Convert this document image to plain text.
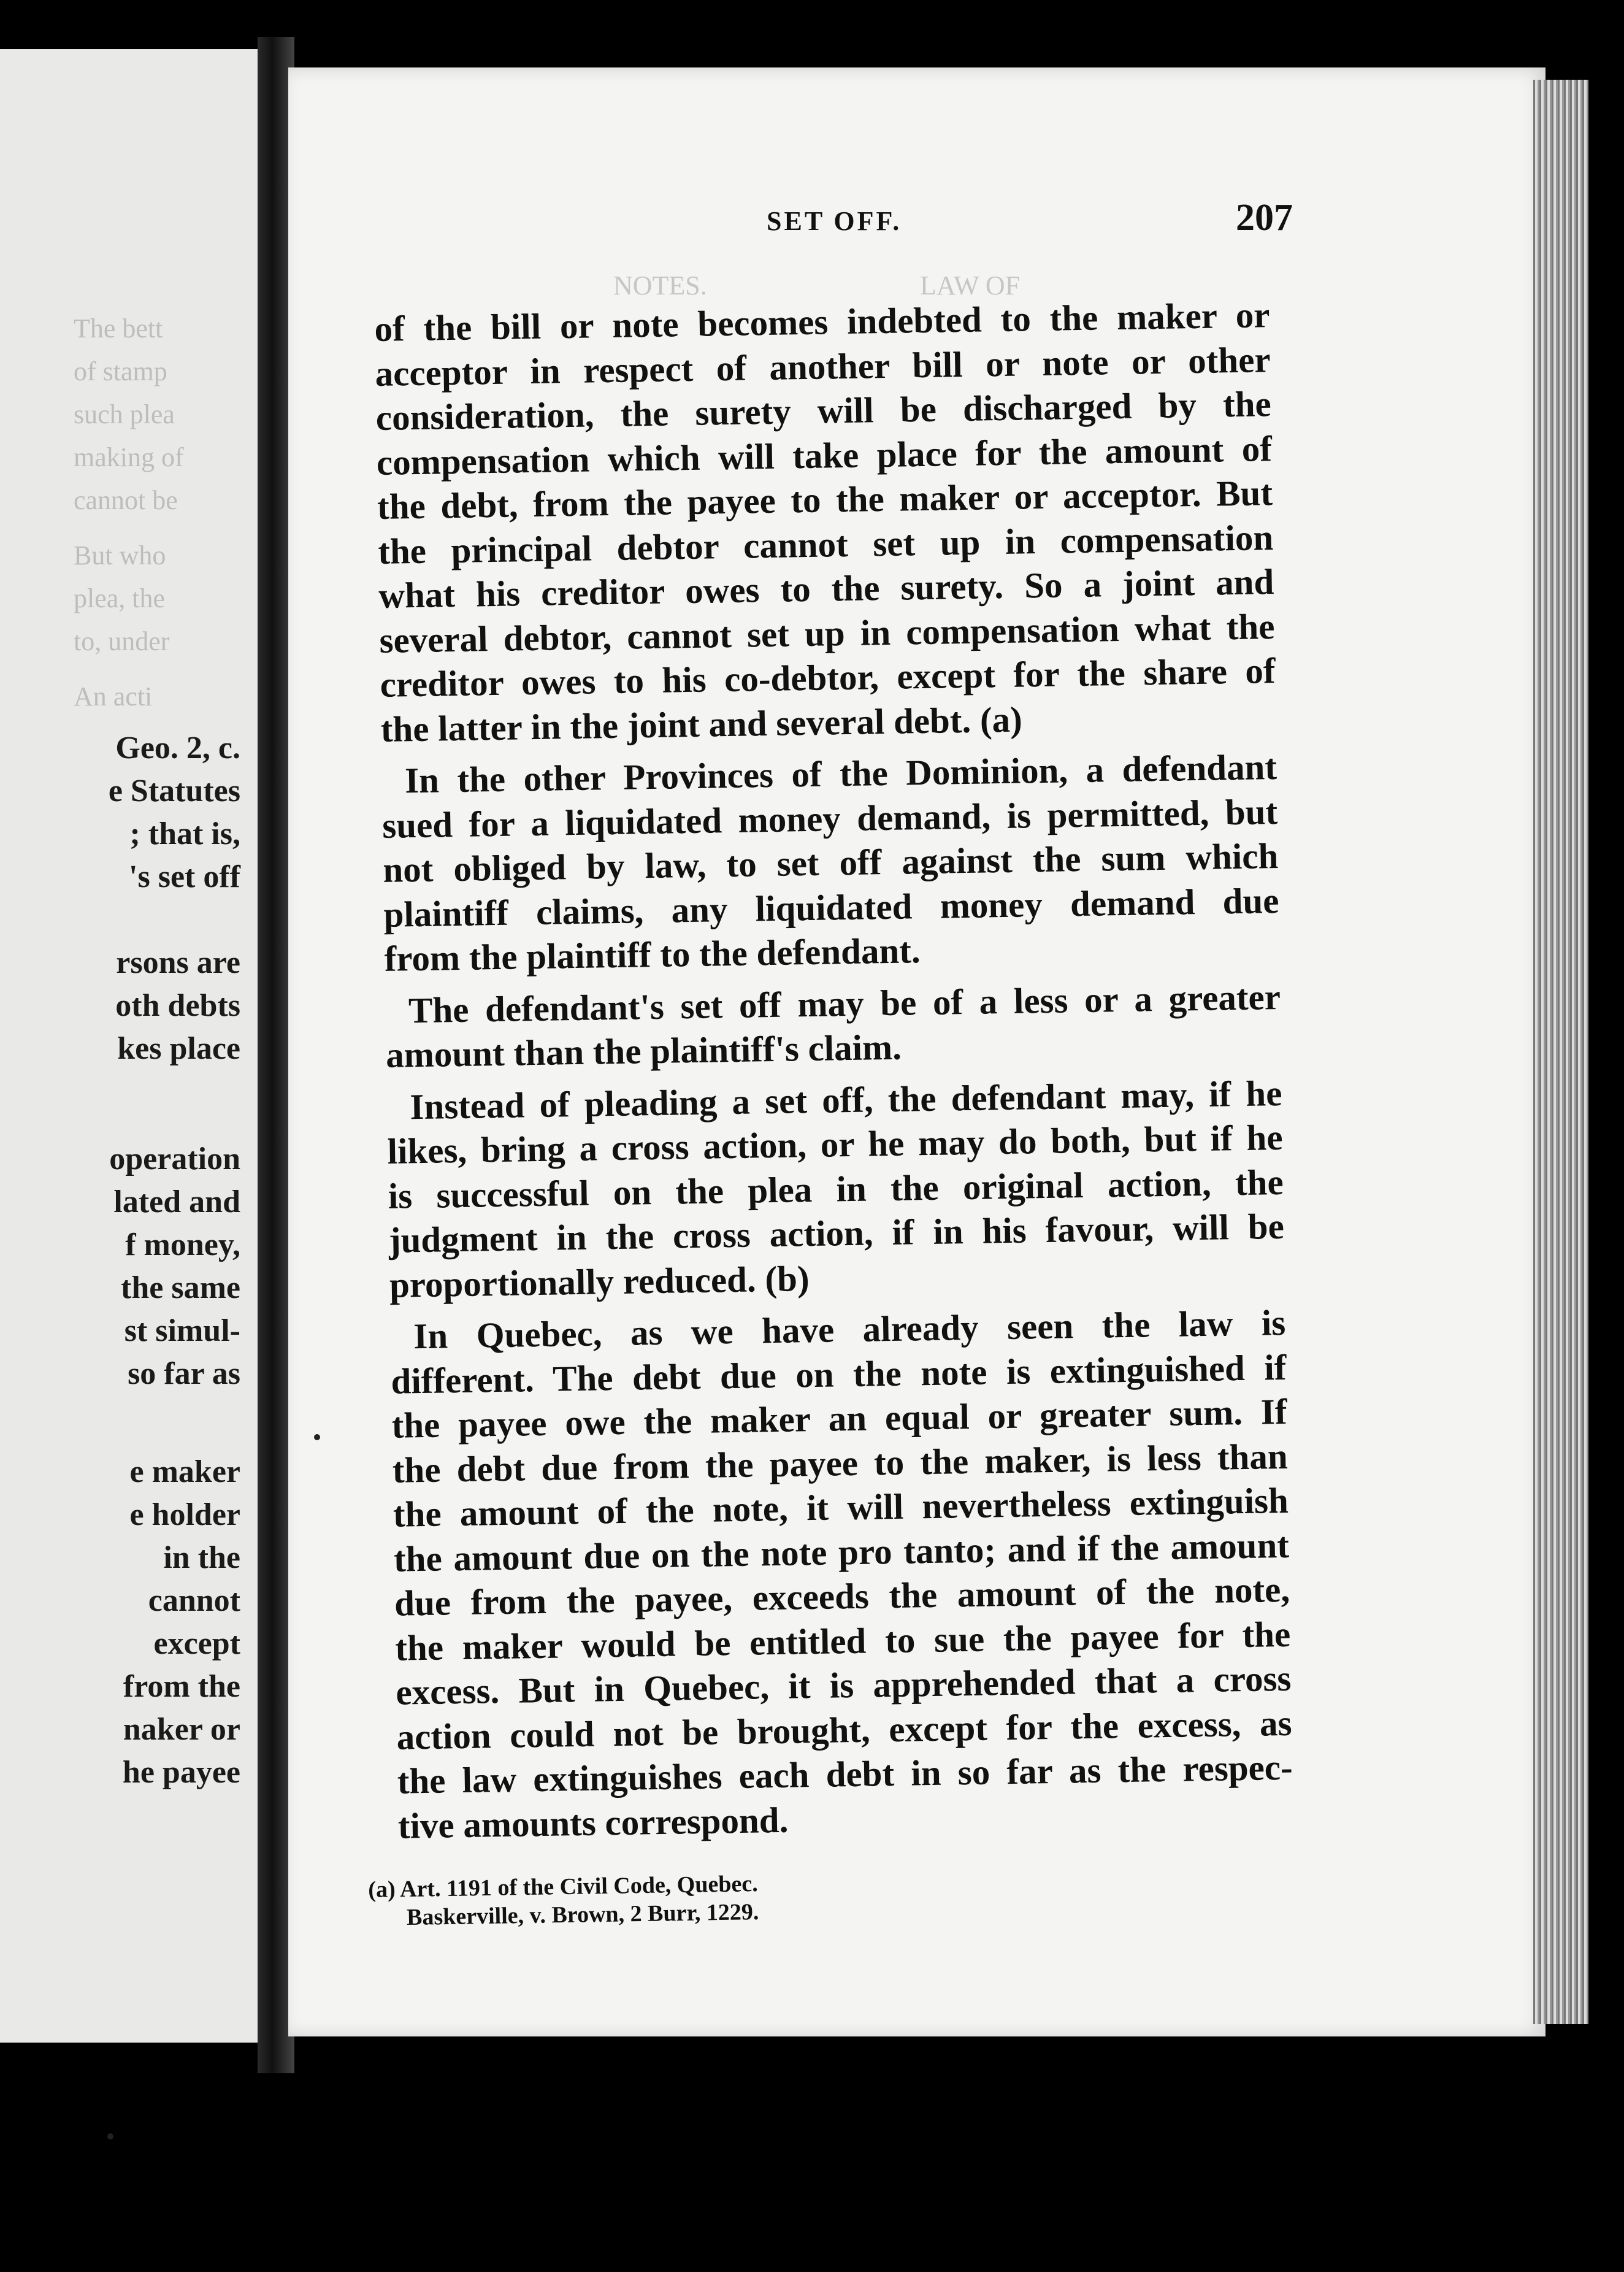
The bett
of stamp
such plea
making of
cannot be
But who
plea, the
to, under
An acti
Geo. 2, c.
e Statutes
; that is,
's set off
rsons are
oth debts
kes place
operation
lated and
f money,
the same
st simul-
so far as
e maker
e holder
in the
cannot
except
from the
naker or
he payee
NOTES.	LAW OF
SET OFF.	207

of the bill or note becomes indebted to the maker or

acceptor in respect of another bill or note or other

consideration, the surety will be discharged by the

compensation which will take place for the amount of

the debt, from the payee to the maker or acceptor. But

the principal debtor cannot set up in compensation

what his creditor owes to the surety. So a joint and

several debtor, cannot set up in compensation what the

creditor owes to his co-debtor, except for the share of

the latter in the joint and several debt. (a)

In the other Provinces of the Dominion, a defendant

sued for a liquidated money demand, is permitted, but

not obliged by law, to set off against the sum which

plaintiff claims, any liquidated money demand due

from the plaintiff to the defendant.

The defendant's set off may be of a less or a greater

amount than the plaintiff's claim.

Instead of pleading a set off, the defendant may, if he

likes, bring a cross action, or he may do both, but if he

is successful on the plea in the original action, the

judgment in the cross action, if in his favour, will be

proportionally reduced. (b)

In Quebec, as we have already seen the law is

different. The debt due on the note is extinguished if

the payee owe the maker an equal or greater sum. If

the debt due from the payee to the maker, is less than

the amount of the note, it will nevertheless extinguish

the amount due on the note pro tanto; and if the amount

due from the payee, exceeds the amount of the note,

the maker would be entitled to sue the payee for the

excess. But in Quebec, it is apprehended that a cross

action could not be brought, except for the excess, as

the law extinguishes each debt in so far as the respec-

tive amounts correspond.

(a) Art. 1191 of the Civil Code, Quebec.
Baskerville, v. Brown, 2 Burr, 1229.
